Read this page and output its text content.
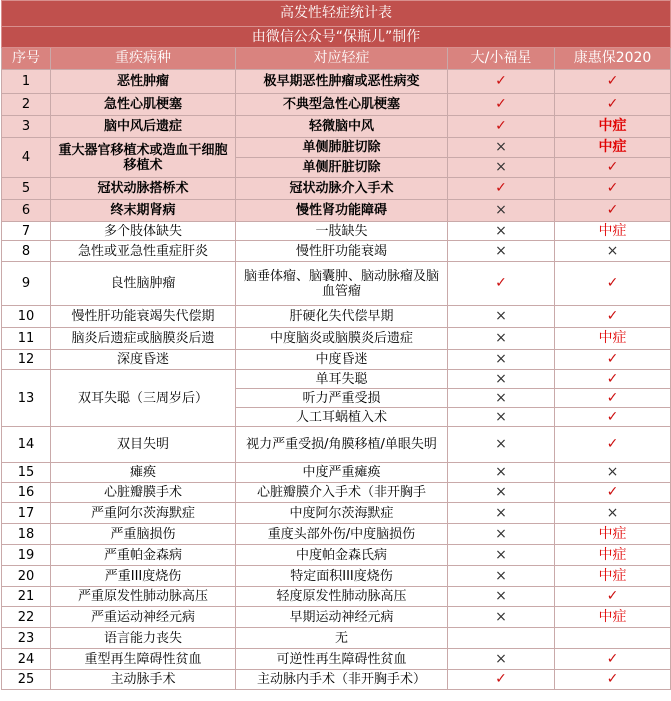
高发性轻症统计表				
由微信公众号“保瓶儿”制作				
序号	重疾病种	对应轻症	大/小福星	康惠保2020
1	恶性肿瘤	极早期恶性肿瘤或恶性病变	✓	✓
2	急性心肌梗塞	不典型急性心肌梗塞	✓	✓
3	脑中风后遗症	轻微脑中风	✓	中症
4	重大器官移植术或造血干细胞移植术	单侧肺脏切除	×	中症
		单侧肝脏切除	×	✓
5	冠状动脉搭桥术	冠状动脉介入手术	✓	✓
6	终末期肾病	慢性肾功能障碍	×	✓
7	多个肢体缺失	一肢缺失	×	中症
8	急性或亚急性重症肝炎	慢性肝功能衰竭	×	×
9	良性脑肿瘤	脑垂体瘤、脑囊肿、脑动脉瘤及脑血管瘤	✓	✓
10	慢性肝功能衰竭失代偿期	肝硬化失代偿早期	×	✓
11	脑炎后遗症或脑膜炎后遗	中度脑炎或脑膜炎后遗症	×	中症
12	深度昏迷	中度昏迷	×	✓
13	双耳失聪（三周岁后）	单耳失聪	×	✓
		听力严重受损	×	✓
		人工耳蜗植入术	×	✓
14	双目失明	视力严重受损/角膜移植/单眼失明	×	✓
15	瘫痪	中度严重瘫痪	×	×
16	心脏瓣膜手术	心脏瓣膜介入手术（非开胸手	×	✓
17	严重阿尔茨海默症	中度阿尔茨海默症	×	×
18	严重脑损伤	重度头部外伤/中度脑损伤	×	中症
19	严重帕金森病	中度帕金森氏病	×	中症
20	严重III度烧伤	特定面积III度烧伤	×	中症
21	严重原发性肺动脉高压	轻度原发性肺动脉高压	×	✓
22	严重运动神经元病	早期运动神经元病	×	中症
23	语言能力丧失	无		
24	重型再生障碍性贫血	可逆性再生障碍性贫血	×	✓
25	主动脉手术	主动脉内手术（非开胸手术）	✓	✓
